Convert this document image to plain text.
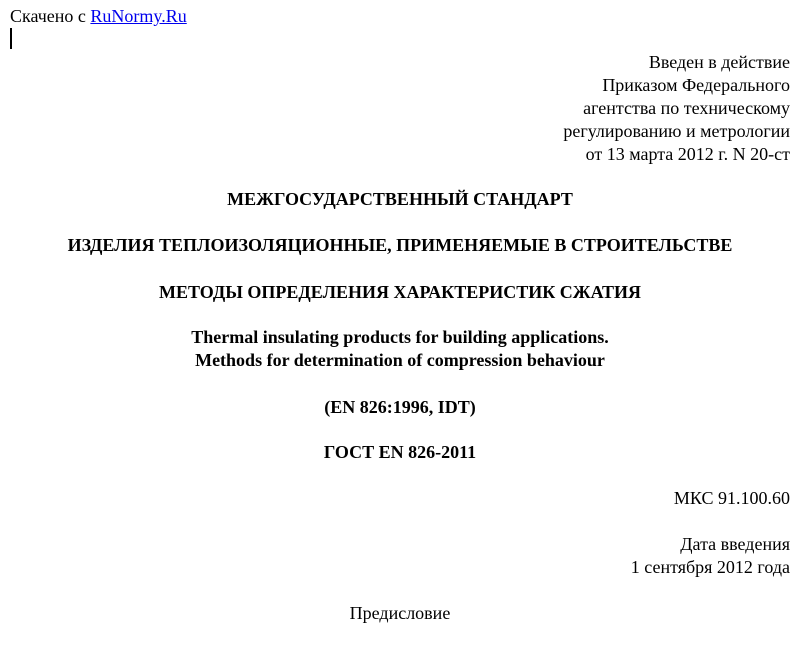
Скачено с RuNormy.Ru
Введен в действие
Приказом Федерального
агентства по техническому
регулированию и метрологии
от 13 марта 2012 г. N 20-ст
МЕЖГОСУДАРСТВЕННЫЙ СТАНДАРТ
ИЗДЕЛИЯ ТЕПЛОИЗОЛЯЦИОННЫЕ, ПРИМЕНЯЕМЫЕ В СТРОИТЕЛЬСТВЕ
МЕТОДЫ ОПРЕДЕЛЕНИЯ ХАРАКТЕРИСТИК СЖАТИЯ
Thermal insulating products for building applications.
Methods for determination of compression behaviour
(EN 826:1996, IDT)
ГОСТ EN 826-2011
МКС 91.100.60
Дата введения
1 сентября 2012 года
Предисловие
